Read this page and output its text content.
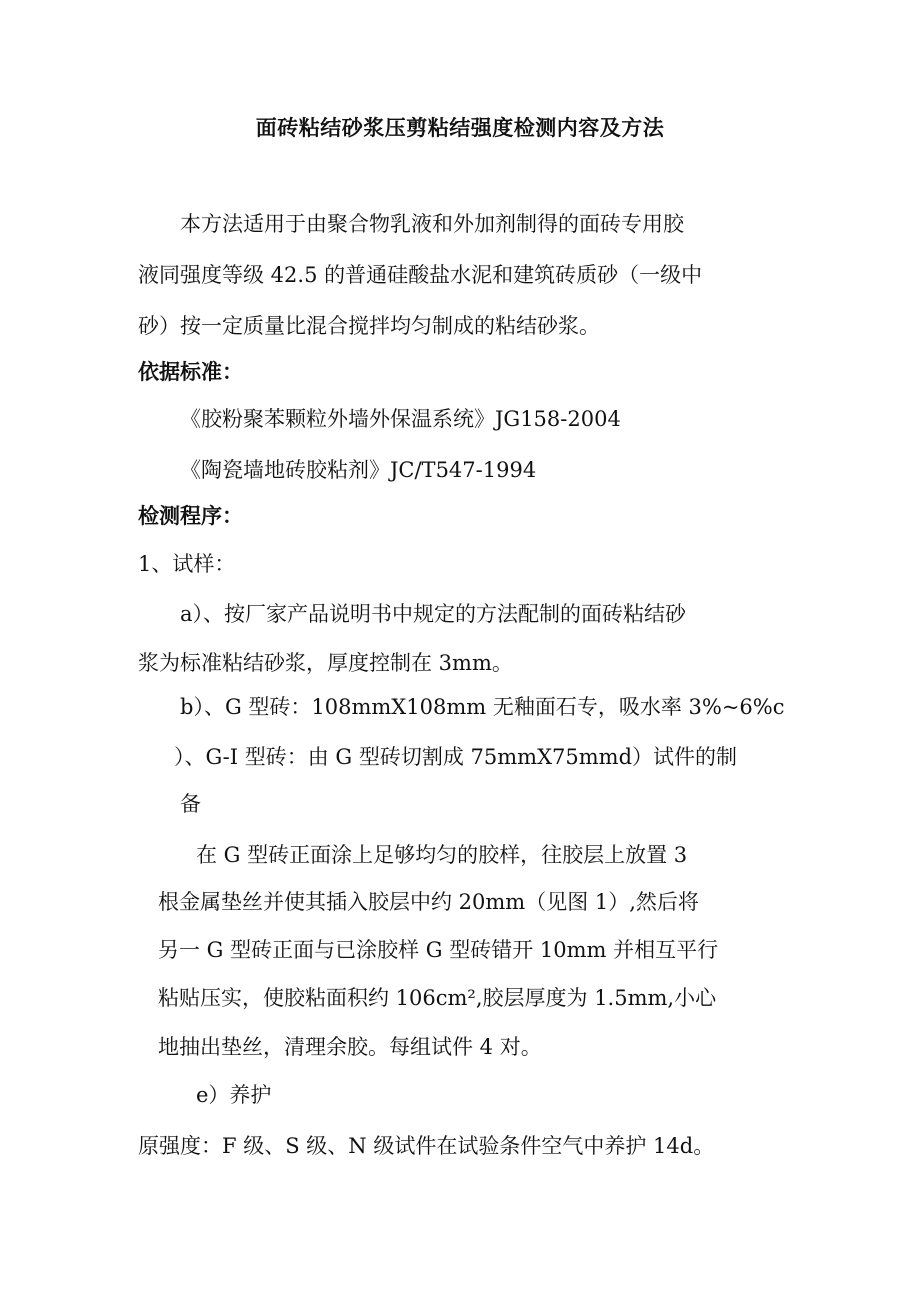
面砖粘结砂浆压剪粘结强度检测内容及方法
本方法适用于由聚合物乳液和外加剂制得的面砖专用胶
液同强度等级 42.5 的普通硅酸盐水泥和建筑砖质砂（一级中
砂）按一定质量比混合搅拌均匀制成的粘结砂浆。
依据标准：
《胶粉聚苯颗粒外墙外保温系统》JG158-2004
《陶瓷墙地砖胶粘剂》JC/T547-1994
检测程序：
1、试样：
a）、按厂家产品说明书中规定的方法配制的面砖粘结砂
浆为标准粘结砂浆，厚度控制在 3mm。
b）、G 型砖：108mmX108mm 无釉面石专，吸水率 3%~6%c
）、G-I 型砖：由 G 型砖切割成 75mmX75mmd）试件的制
备
在 G 型砖正面涂上足够均匀的胶样，往胶层上放置 3
根金属垫丝并使其插入胶层中约 20mm（见图 1）,然后将
另一 G 型砖正面与已涂胶样 G 型砖错开 10mm 并相互平行
粘贴压实，使胶粘面积约 106cm²,胶层厚度为 1.5mm,小心
地抽出垫丝，清理余胶。每组试件 4 对。
e）养护
原强度：F 级、S 级、N 级试件在试验条件空气中养护 14d。
